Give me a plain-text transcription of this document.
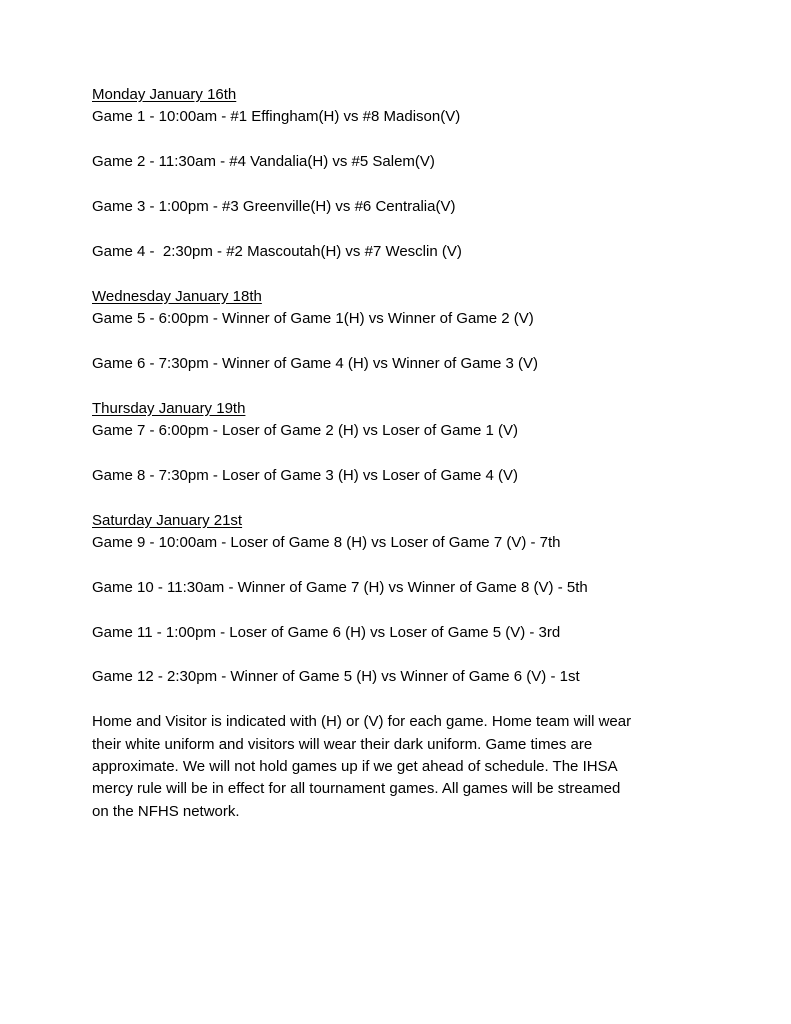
Monday January 16th
Game 1 - 10:00am - #1 Effingham(H) vs #8 Madison(V)
Game 2 - 11:30am - #4 Vandalia(H) vs #5 Salem(V)
Game 3 - 1:00pm - #3 Greenville(H) vs #6 Centralia(V)
Game 4 -  2:30pm - #2 Mascoutah(H) vs #7 Wesclin (V)
Wednesday January 18th
Game 5 - 6:00pm - Winner of Game 1(H) vs Winner of Game 2 (V)
Game 6 - 7:30pm - Winner of Game 4 (H) vs Winner of Game 3 (V)
Thursday January 19th
Game 7 - 6:00pm - Loser of Game 2 (H) vs Loser of Game 1 (V)
Game 8 - 7:30pm - Loser of Game 3 (H) vs Loser of Game 4 (V)
Saturday January 21st
Game 9 - 10:00am - Loser of Game 8 (H) vs Loser of Game 7 (V) - 7th
Game 10 - 11:30am - Winner of Game 7 (H) vs Winner of Game 8 (V) - 5th
Game 11 - 1:00pm - Loser of Game 6 (H) vs Loser of Game 5 (V) - 3rd
Game 12 - 2:30pm - Winner of Game 5 (H) vs Winner of Game 6 (V) - 1st
Home and Visitor is indicated with (H) or (V) for each game. Home team will wear
their white uniform and visitors will wear their dark uniform. Game times are
approximate. We will not hold games up if we get ahead of schedule. The IHSA
mercy rule will be in effect for all tournament games. All games will be streamed
on the NFHS network.
